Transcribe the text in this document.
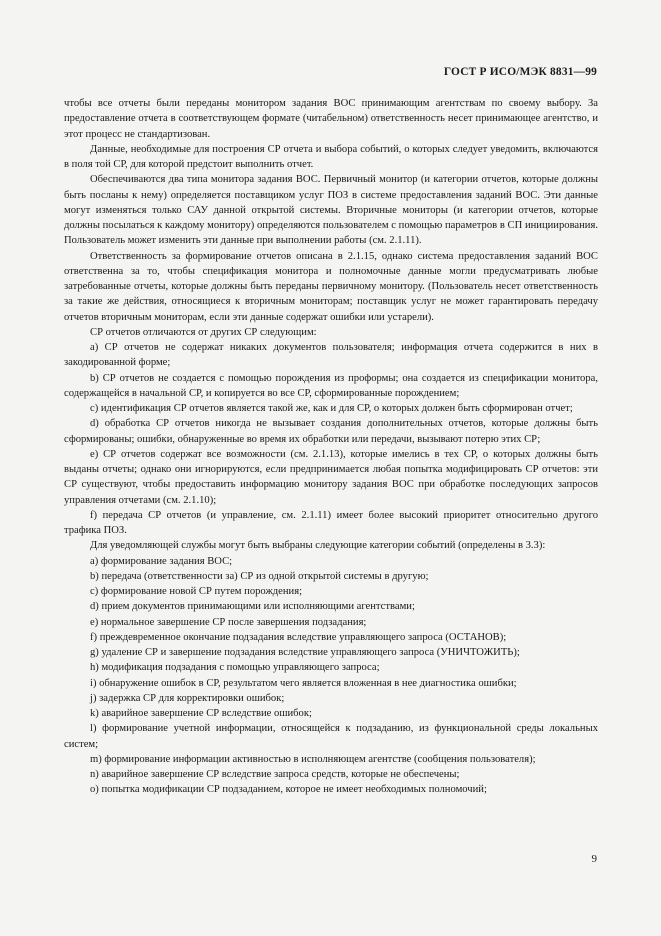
ГОСТ Р ИСО/МЭК 8831—99

чтобы все отчеты были переданы монитором задания ВОС принимающим агентствам по своему выбору. За предоставление отчета в соответствующем формате (читабельном) ответственность несет принимающее агентство, и этот процесс не стандартизован.

Данные, необходимые для построения СР отчета и выбора событий, о которых следует уведомить, включаются в поля той СР, для которой предстоит выполнить отчет.

Обеспечиваются два типа монитора задания ВОС. Первичный монитор (и категории отчетов, которые должны быть посланы к нему) определяется поставщиком услуг ПОЗ в системе предоставления заданий ВОС. Эти данные могут изменяться только САУ данной открытой системы. Вторичные мониторы (и категории отчетов, которые должны посылаться к каждому монитору) определяются пользователем с помощью параметров в СП инициирования. Пользователь может изменить эти данные при выполнении работы (см. 2.1.11).

Ответственность за формирование отчетов описана в 2.1.15, однако система предоставления заданий ВОС ответственна за то, чтобы спецификация монитора и полномочные данные могли предусматривать любые затребованные отчеты, которые должны быть переданы первичному монитору. (Пользователь несет ответственность за такие же действия, относящиеся к вторичным мониторам; поставщик услуг не может гарантировать передачу отчетов вторичным мониторам, если эти данные содержат ошибки или устарели).

СР отчетов отличаются от других СР следующим:

а) СР отчетов не содержат никаких документов пользователя; информация отчета содержится в них в закодированной форме;

b) СР отчетов не создается с помощью порождения из проформы; она создается из спецификации монитора, содержащейся в начальной СР, и копируется во все СР, сформированные порождением;

с) идентификация СР отчетов является такой же, как и для СР, о которых должен быть сформирован отчет;

d) обработка СР отчетов никогда не вызывает создания дополнительных отчетов, которые должны быть сформированы; ошибки, обнаруженные во время их обработки или передачи, вызывают потерю этих СР;

е) СР отчетов содержат все возможности (см. 2.1.13), которые имелись в тех СР, о которых должны быть выданы отчеты; однако они игнорируются, если предпринимается любая попытка модифицировать СР отчетов: эти СР существуют, чтобы предоставить информацию монитору задания ВОС при обработке последующих запросов управления отчетами (см. 2.1.10);

f) передача СР отчетов (и управление, см. 2.1.11) имеет более высокий приоритет относительно другого трафика ПОЗ.

Для уведомляющей службы могут быть выбраны следующие категории событий (определены в 3.3):

а) формирование задания ВОС;

b) передача (ответственности за) СР из одной открытой системы в другую;

с) формирование новой СР путем порождения;

d) прием документов принимающими или исполняющими агентствами;

е) нормальное завершение СР после завершения подзадания;

f) преждевременное окончание подзадания вследствие управляющего запроса (ОСТАНОВ);

g) удаление СР и завершение подзадания вследствие управляющего запроса (УНИЧТОЖИТЬ);

h) модификация подзадания с помощью управляющего запроса;

i) обнаружение ошибок в СР, результатом чего является вложенная в нее диагностика ошибки;

j) задержка СР для корректировки ошибок;

k) аварийное завершение СР вследствие ошибок;

l) формирование учетной информации, относящейся к подзаданию, из функциональной среды локальных систем;

m) формирование информации активностью в исполняющем агентстве (сообщения пользователя);

n) аварийное завершение СР вследствие запроса средств, которые не обеспечены;

о) попытка модификации СР подзаданием, которое не имеет необходимых полномочий;

9
